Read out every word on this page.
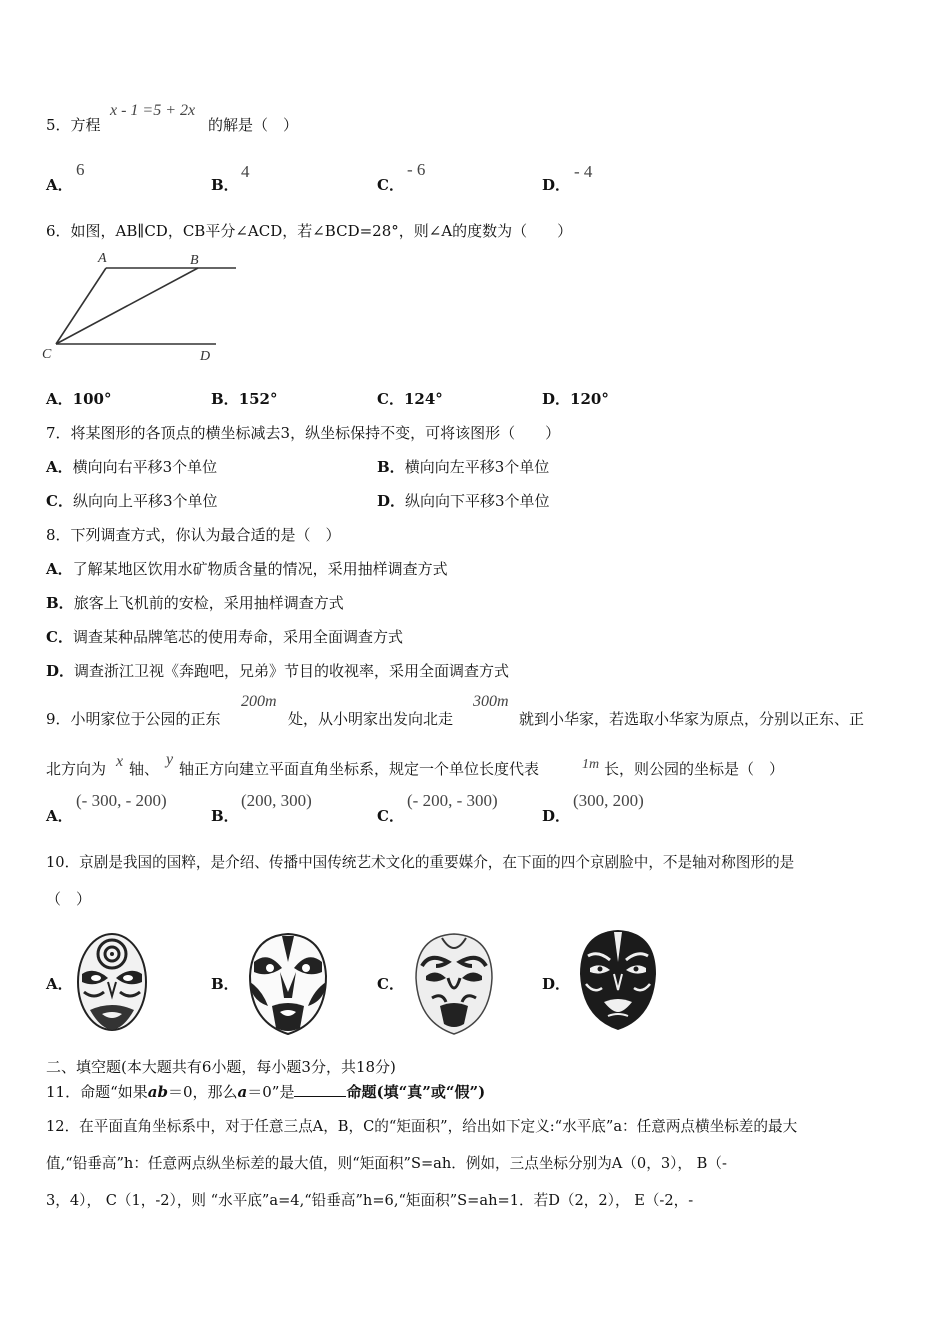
5．方程
x - 1 =5 + 2x
的解是（　）
A．
6
B．
4
C．
- 6
D．
- 4
6．如图，AB∥CD，CB平分∠ACD，若∠BCD=28°，则∠A的度数为（　　）
A	B
C	D
A．100°	B．152°	C．124°	D．120°
7．将某图形的各顶点的横坐标减去3，纵坐标保持不变，可将该图形（　　）
A．横向向右平移3个单位	B．横向向左平移3个单位
C．纵向向上平移3个单位	D．纵向向下平移3个单位
8．下列调查方式，你认为最合适的是（　）
A．了解某地区饮用水矿物质含量的情况，采用抽样调查方式
B．旅客上飞机前的安检，采用抽样调查方式
C．调查某种品牌笔芯的使用寿命，采用全面调查方式
D．调查浙江卫视《奔跑吧，兄弟》节目的收视率，采用全面调查方式
9．小明家位于公园的正东
200m
处，从小明家出发向北走
300m
就到小华家，若选取小华家为原点，分别以正东、正
北方向为 x 轴、
y
轴正方向建立平面直角坐标系，规定一个单位长度代表	1m 长，则公园的坐标是（　）
A．
(- 300, - 200)
B．
(200, 300)
C．
(- 200, - 300)
D．
(300, 200)
10．京剧是我国的国粹，是介绍、传播中国传统艺术文化的重要媒介，在下面的四个京剧脸中，不是轴对称图形的是
（　）
A．	B．	C．	D．
二、填空题(本大题共有6小题，每小题3分，共18分)
11．命题“如果ab＝0，那么a＝0”是	命题(填“真”或“假”)
12．在平面直角坐标系中，对于任意三点A，B，C的“矩面积”，给出如下定义:“水平底”a：任意两点横坐标差的最大
值,“铅垂高”h：任意两点纵坐标差的最大值，则“矩面积”S=ah．例如，三点坐标分别为A（0，3）， B（-
3，4）， C（1，-2），则 “水平底”a=4,“铅垂高”h=6,“矩面积”S=ah=1．若D（2，2）， E（-2，-
